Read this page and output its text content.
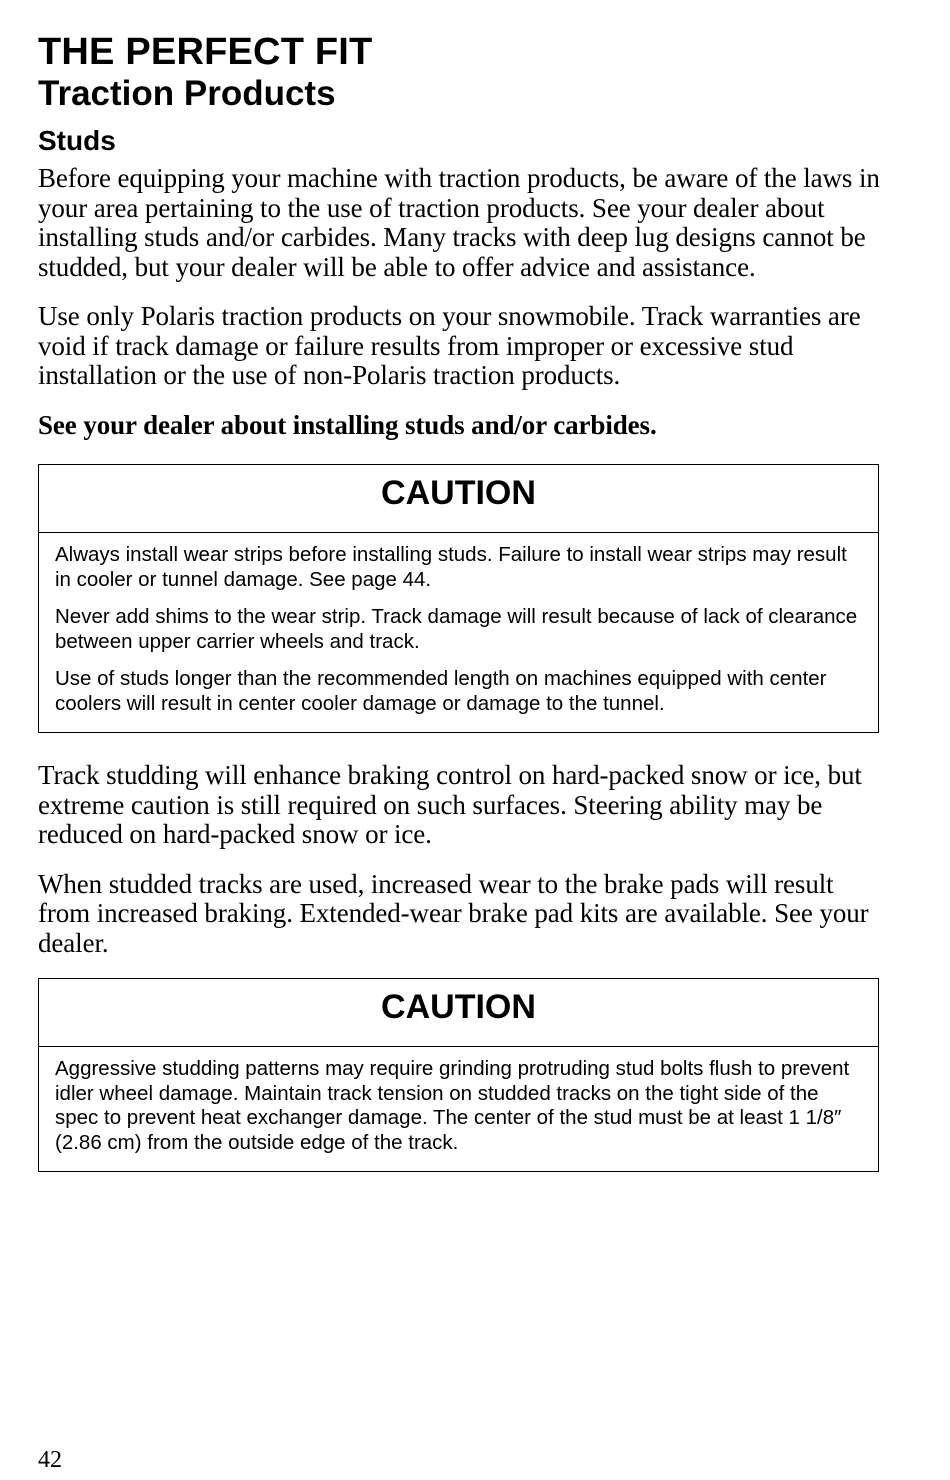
THE PERFECT FIT
Traction Products
Studs

Before equipping your machine with traction products, be aware of the laws in your area pertaining to the use of traction products. See your dealer about installing studs and/or carbides. Many tracks with deep lug designs cannot be studded, but your dealer will be able to offer advice and assistance.

Use only Polaris traction products on your snowmobile. Track warranties are void if track damage or failure results from improper or excessive stud installation or the use of non-Polaris traction products.

See your dealer about installing studs and/or carbides.

CAUTION

Always install wear strips before installing studs. Failure to install wear strips may result in cooler or tunnel damage. See page 44.

Never add shims to the wear strip. Track damage will result because of lack of clearance between upper carrier wheels and track.

Use of studs longer than the recommended length on machines equipped with center coolers will result in center cooler damage or damage to the tunnel.

Track studding will enhance braking control on hard-packed snow or ice, but extreme caution is still required on such surfaces. Steering ability may be reduced on hard-packed snow or ice.

When studded tracks are used, increased wear to the brake pads will result from increased braking. Extended-wear brake pad kits are available. See your dealer.

CAUTION

Aggressive studding patterns may require grinding protruding stud bolts flush to prevent idler wheel damage. Maintain track tension on studded tracks on the tight side of the spec to prevent heat exchanger damage. The center of the stud must be at least 1 1/8″ (2.86 cm) from the outside edge of the track.

42
